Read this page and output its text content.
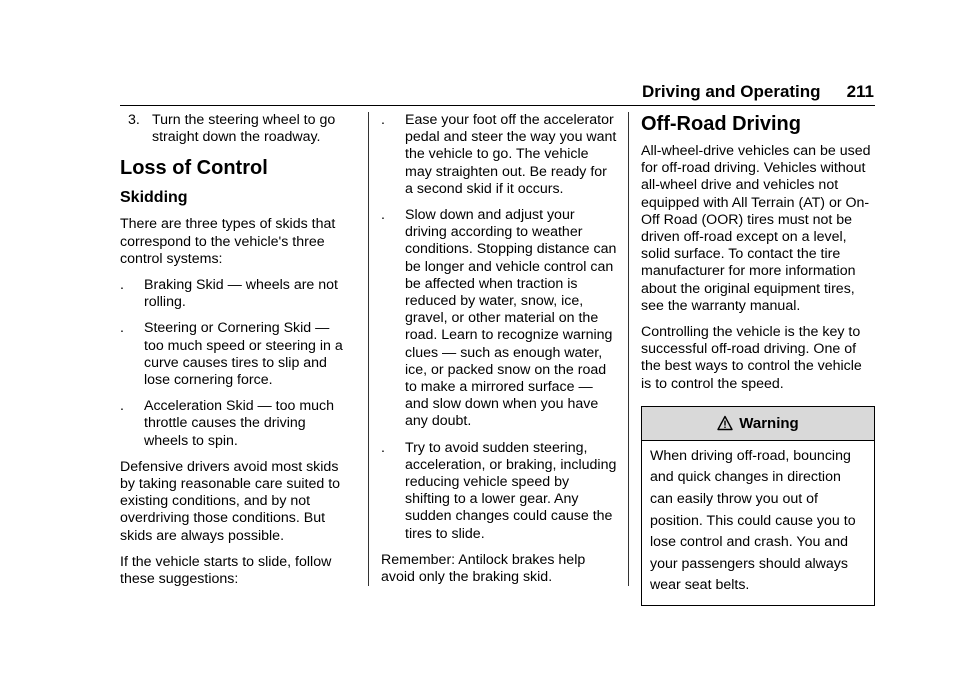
Driving and Operating 211
3. Turn the steering wheel to go straight down the roadway.
Loss of Control
Skidding

There are three types of skids that correspond to the vehicle's three control systems:

.	Braking Skid — wheels are not rolling.
.	Steering or Cornering Skid — too much speed or steering in a curve causes tires to slip and lose cornering force.
.	Acceleration Skid — too much throttle causes the driving wheels to spin.

Defensive drivers avoid most skids by taking reasonable care suited to existing conditions, and by not overdriving those conditions. But skids are always possible.

If the vehicle starts to slide, follow these suggestions:

.	Ease your foot off the accelerator pedal and steer the way you want the vehicle to go. The vehicle may straighten out. Be ready for a second skid if it occurs.
.	Slow down and adjust your driving according to weather conditions. Stopping distance can be longer and vehicle control can be affected when traction is reduced by water, snow, ice, gravel, or other material on the road. Learn to recognize warning clues — such as enough water, ice, or packed snow on the road to make a mirrored surface — and slow down when you have any doubt.
.	Try to avoid sudden steering, acceleration, or braking, including reducing vehicle speed by shifting to a lower gear. Any sudden changes could cause the tires to slide.

Remember: Antilock brakes help avoid only the braking skid.

Off-Road Driving

All-wheel-drive vehicles can be used for off-road driving. Vehicles without all-wheel drive and vehicles not equipped with All Terrain (AT) or On-Off Road (OOR) tires must not be driven off-road except on a level, solid surface. To contact the tire manufacturer for more information about the original equipment tires, see the warranty manual.

Controlling the vehicle is the key to successful off-road driving. One of the best ways to control the vehicle is to control the speed.

Warning
When driving off-road, bouncing and quick changes in direction can easily throw you out of position. This could cause you to lose control and crash. You and your passengers should always wear seat belts.
